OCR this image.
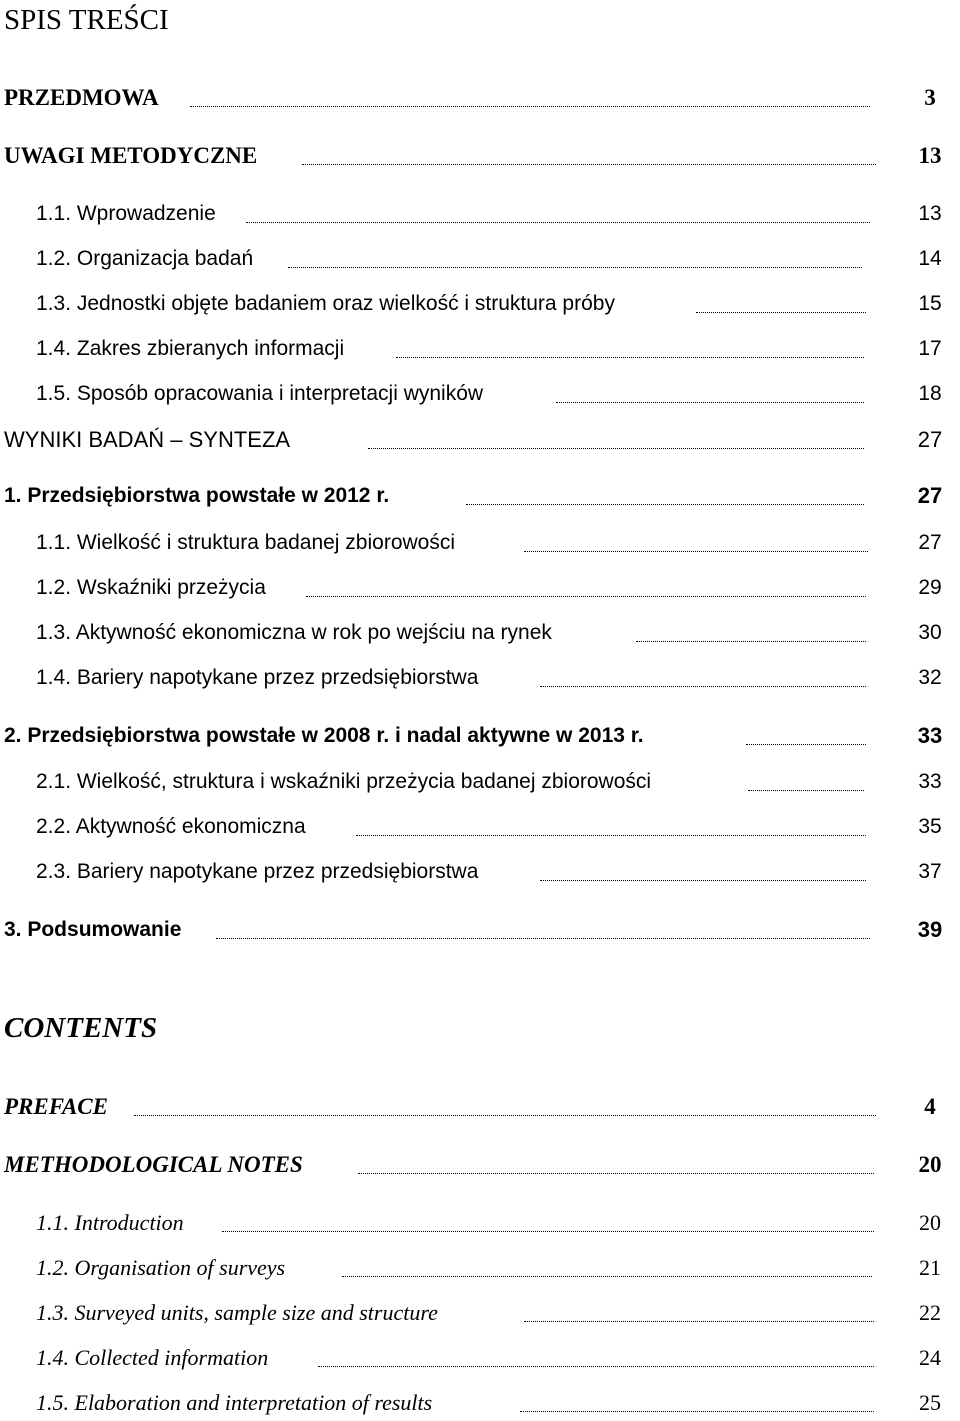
SPIS TREŚCI
PRZEDMOWA	3
UWAGI METODYCZNE	13
1.1. Wprowadzenie	13
1.2. Organizacja badań	14
1.3. Jednostki objęte badaniem oraz wielkość i struktura próby	15
1.4. Zakres zbieranych informacji	17
1.5. Sposób opracowania i interpretacji wyników	18
WYNIKI BADAŃ – SYNTEZA	27
1. Przedsiębiorstwa powstałe w 2012 r.	27
1.1. Wielkość i struktura badanej zbiorowości	27
1.2. Wskaźniki przeżycia	29
1.3. Aktywność ekonomiczna w rok po wejściu na rynek	30
1.4. Bariery napotykane przez przedsiębiorstwa	32
2. Przedsiębiorstwa powstałe w 2008 r. i nadal aktywne w 2013 r.	33
2.1. Wielkość, struktura i wskaźniki przeżycia badanej zbiorowości	33
2.2. Aktywność ekonomiczna	35
2.3. Bariery napotykane przez przedsiębiorstwa	37
3. Podsumowanie	39
CONTENTS
PREFACE	4
METHODOLOGICAL NOTES	20
1.1. Introduction	20
1.2. Organisation of surveys	21
1.3. Surveyed units, sample size and structure	22
1.4. Collected information	24
1.5. Elaboration and interpretation of results	25
